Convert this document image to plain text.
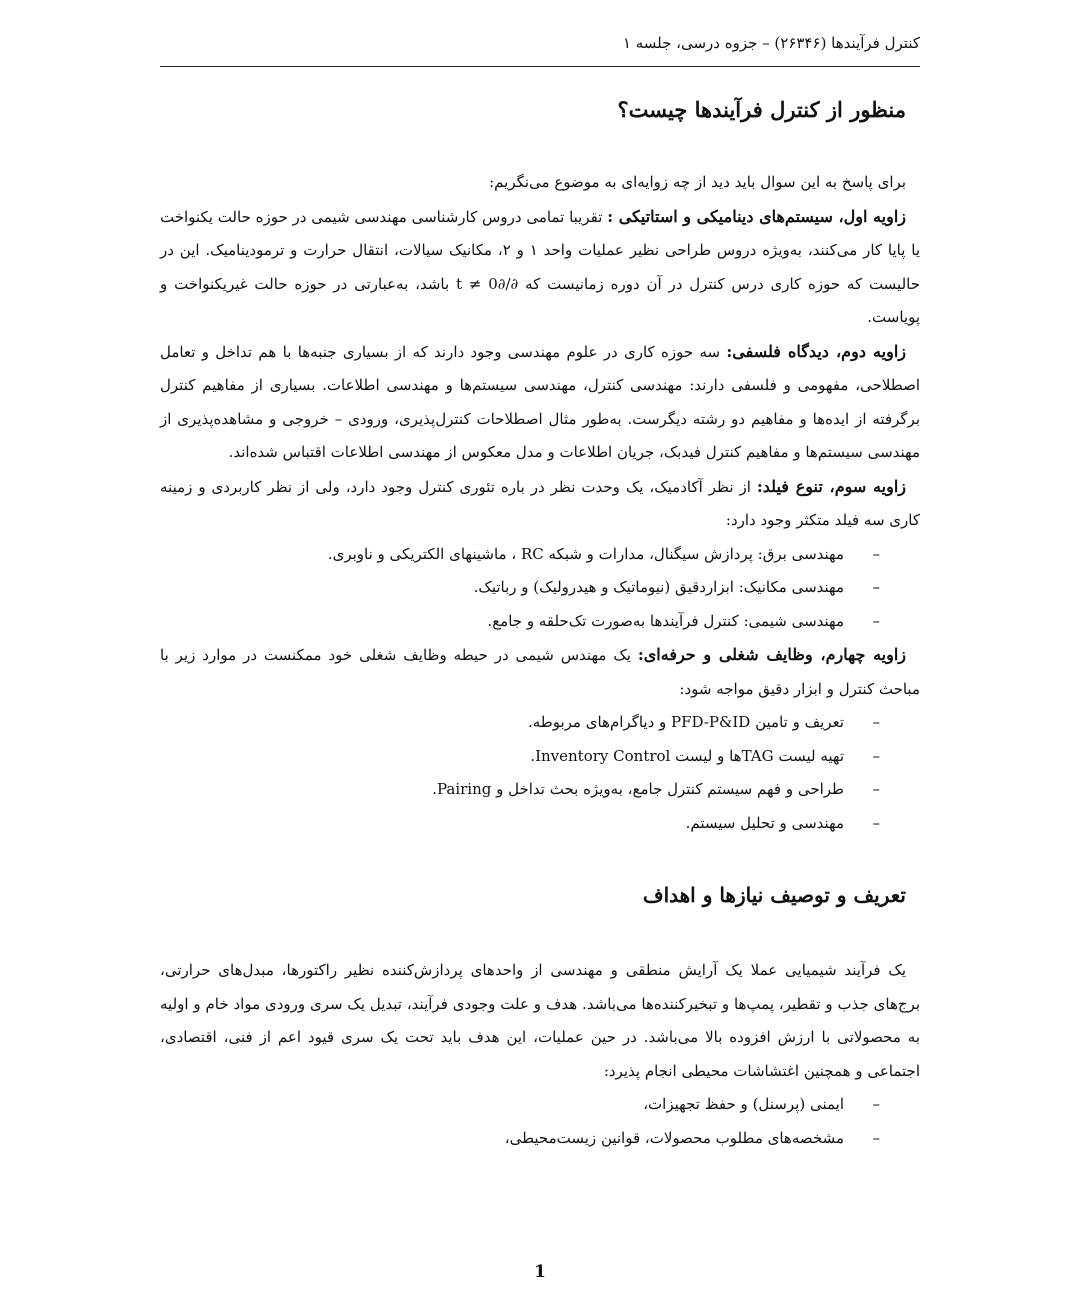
کنترل فرآیندها (۲۶۳۴۶) – جزوه درسی، جلسه ۱
منظور از کنترل فرآیندها چیست؟

برای پاسخ به این سوال باید دید از چه زوایه‌ای به موضوع می‌نگریم:

زاویه اول، سیستم‌های دینامیکی و استاتیکی : تقریبا تمامی دروس کارشناسی مهندسی شیمی در حوزه حالت یکنواخت یا پایا کار می‌کنند، به‌ویژه دروس طراحی نظیر عملیات واحد ۱ و ۲، مکانیک سیالات، انتقال حرارت و ترمودینامیک. این در حالیست که حوزه کاری درس کنترل در آن دوره زمانیست که ∂/∂t ≠ 0 باشد، به‌عبارتی در حوزه حالت غیریکنواخت و پویاست.

زاویه دوم، دیدگاه فلسفی: سه حوزه کاری در علوم مهندسی وجود دارند که از بسیاری جنبه‌ها با هم تداخل و تعامل اصطلاحی، مفهومی و فلسفی دارند: مهندسی کنترل، مهندسی سیستم‌ها و مهندسی اطلاعات. بسیاری از مفاهیم کنترل برگرفته از ایده‌ها و مفاهیم دو رشته دیگرست. به‌طور مثال اصطلاحات کنترل‌پذیری، ورودی – خروجی و مشاهده‌پذیری از مهندسی سیستم‌ها و مفاهیم کنترل فیدبک، جریان اطلاعات و مدل معکوس از مهندسی اطلاعات اقتباس شده‌اند.

زاویه سوم، تنوع فیلد: از نظر آکادمیک، یک وحدت نظر در باره تئوری کنترل وجود دارد، ولی از نظر کاربردی و زمینه کاری سه فیلد متکثر وجود دارد:

–
مهندسی برق: پردازش سیگنال، مدارات و شبکه RC ، ماشینهای الکتریکی و ناوبری.
–
مهندسی مکانیک: ابزاردقیق (نیوماتیک و هیدرولیک) و رباتیک.
–
مهندسی شیمی: کنترل فرآیندها به‌صورت تک‌حلقه و جامع.

زاویه چهارم، وظایف شغلی و حرفه‌ای: یک مهندس شیمی در حیطه وظایف شغلی خود ممکنست در موارد زیر با مباحث کنترل و ابزار دقیق مواجه شود:

–
تعریف و تامین PFD-P&ID و دیاگرام‌های مربوطه.
–
تهیه لیست TAGها و لیست Inventory Control.
–
طراحی و فهم سیستم کنترل جامع، به‌ویژه بحث تداخل و Pairing.
–
مهندسی و تحلیل سیستم.
تعریف و توصیف نیازها و اهداف

یک فرآیند شیمیایی عملا یک آرایش منطقی و مهندسی از واحدهای پردازش‌کننده نظیر راکتورها، مبدل‌های حرارتی، برج‌های جذب و تقطیر، پمپ‌ها و تبخیرکننده‌ها می‌باشد. هدف و علت وجودی فرآیند، تبدیل یک سری ورودی مواد خام و اولیه به محصولاتی با ارزش افزوده بالا می‌باشد. در حین عملیات، این هدف باید تحت یک سری قیود اعم از فنی، اقتصادی، اجتماعی و همچنین اغتشاشات محیطی انجام پذیرد:

–
ایمنی (پرسنل) و حفظ تجهیزات،
–
مشخصه‌های مطلوب محصولات، قوانین زیست‌محیطی،
1
